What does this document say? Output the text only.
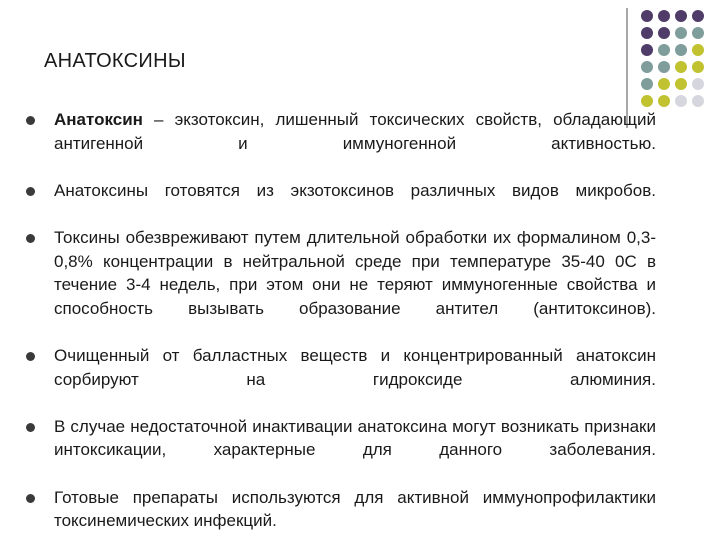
АНАТОКСИНЫ

Анатоксин – экзотоксин, лишенный токсических свойств, обладающий антигенной и иммуногенной активностью.

Анатоксины готовятся из экзотоксинов различных видов микробов.

Токсины обезвреживают путем длительной обработки их формалином 0,3-0,8% концентрации в нейтральной среде при температуре 35-40 0С в течение 3-4 недель, при этом они не теряют иммуногенные свойства и способность вызывать образование антител (антитоксинов).

Очищенный от балластных веществ и концентрированный анатоксин сорбируют на гидроксиде алюминия.

В случае недостаточной инактивации анатоксина могут возникать признаки интоксикации, характерные для данного заболевания.

Готовые препараты используются для активной иммунопрофилактики токсинемических инфекций.
